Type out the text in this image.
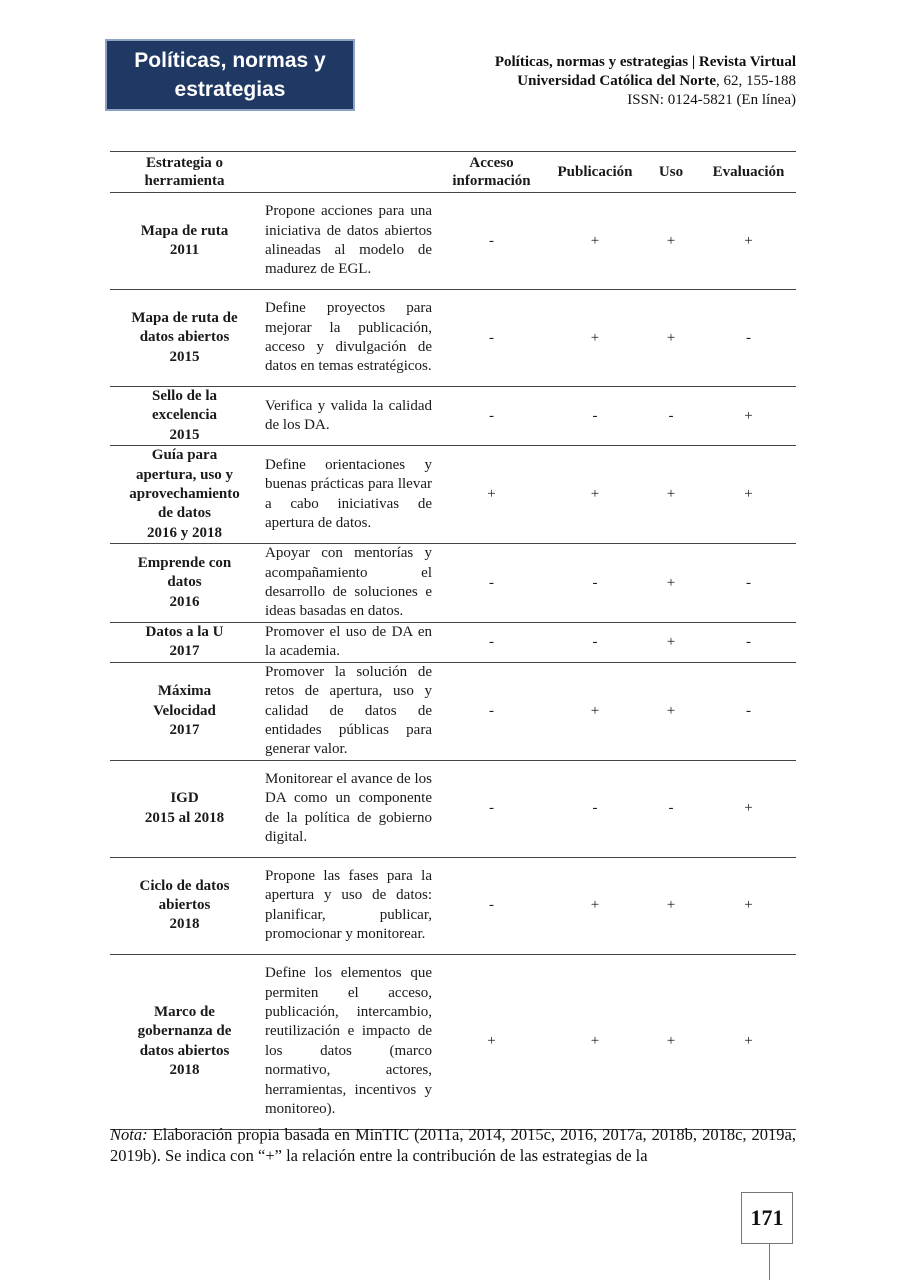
Políticas, normas y estrategias
Políticas, normas y estrategias | Revista Virtual
Universidad Católica del Norte, 62, 155-188
ISSN: 0124-5821 (En línea)
Estrategia o herramienta		Acceso información	Publicación	Uso	Evaluación

Mapa de ruta
2011	Propone acciones para una iniciativa de datos abiertos alineadas al modelo de madurez de EGL.	-	+	+	+

Mapa de ruta de
datos abiertos
2015	Define proyectos para mejorar la publicación, acceso y divulgación de datos en temas estratégicos.	-	+	+	-

Sello de la
excelencia
2015	Verifica y valida la calidad de los DA.	-	-	-	+

Guía para
apertura, uso y
aprovechamiento
de datos
2016 y 2018	Define orientaciones y buenas prácticas para llevar a cabo iniciativas de apertura de datos.	+	+	+	+

Emprende con
datos
2016	Apoyar con mentorías y acompañamiento el desarrollo de soluciones e ideas basadas en datos.	-	-	+	-

Datos a la U
2017	Promover el uso de DA en la academia.	-	-	+	-

Máxima
Velocidad
2017	Promover la solución de retos de apertura, uso y calidad de datos de entidades públicas para generar valor.	-	+	+	-

IGD
2015 al 2018	Monitorear el avance de los DA como un componente de la política de gobierno digital.	-	-	-	+

Ciclo de datos
abiertos
2018	Propone las fases para la apertura y uso de datos: planificar, publicar, promocionar y monitorear.	-	+	+	+

Marco de
gobernanza de
datos abiertos
2018	Define los elementos que permiten el acceso, publicación, intercambio, reutilización e impacto de los datos (marco normativo, actores, herramientas, incentivos y monitoreo).	+	+	+	+
Nota: Elaboración propia basada en MinTIC (2011a, 2014, 2015c, 2016, 2017a, 2018b, 2018c, 2019a, 2019b). Se indica con “+” la relación entre la contribución de las estrategias de la
171
